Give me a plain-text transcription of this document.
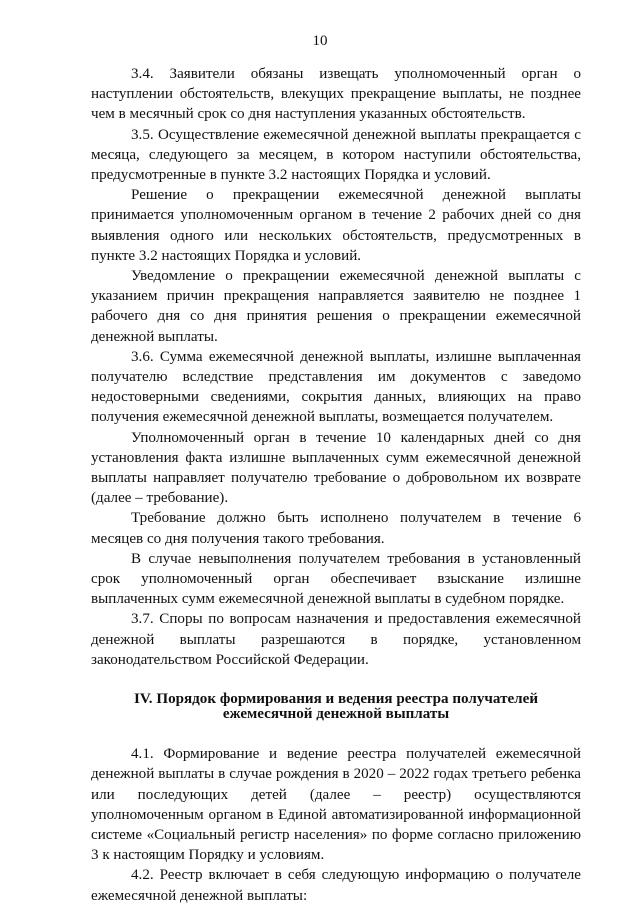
10

3.4. Заявители обязаны извещать уполномоченный орган о наступлении обстоятельств, влекущих прекращение выплаты, не позднее чем в месячный срок со дня наступления указанных обстоятельств.

3.5. Осуществление ежемесячной денежной выплаты прекращается с месяца, следующего за месяцем, в котором наступили обстоятельства, предусмотренные в пункте 3.2 настоящих Порядка и условий.

Решение о прекращении ежемесячной денежной выплаты принимается уполномоченным органом в течение 2 рабочих дней со дня выявления одного или нескольких обстоятельств, предусмотренных в пункте 3.2 настоящих Порядка и условий.

Уведомление о прекращении ежемесячной денежной выплаты с указанием причин прекращения направляется заявителю не позднее 1 рабочего дня со дня принятия решения о прекращении ежемесячной денежной выплаты.

3.6. Сумма ежемесячной денежной выплаты, излишне выплаченная получателю вследствие представления им документов с заведомо недостоверными сведениями, сокрытия данных, влияющих на право получения ежемесячной денежной выплаты, возмещается получателем.

Уполномоченный орган в течение 10 календарных дней со дня установления факта излишне выплаченных сумм ежемесячной денежной выплаты направляет получателю требование о добровольном их возврате (далее – требование).

Требование должно быть исполнено получателем в течение 6 месяцев со дня получения такого требования.

В случае невыполнения получателем требования в установленный срок уполномоченный орган обеспечивает взыскание излишне выплаченных сумм ежемесячной денежной выплаты в судебном порядке.

3.7. Споры по вопросам назначения и предоставления ежемесячной денежной выплаты разрешаются в порядке, установленном законодательством Российской Федерации.

IV. Порядок формирования и ведения реестра получателей
ежемесячной денежной выплаты

4.1. Формирование и ведение реестра получателей ежемесячной денежной выплаты в случае рождения в 2020 – 2022 годах третьего ребенка или последующих детей (далее – реестр) осуществляются уполномоченным органом в Единой автоматизированной информационной системе «Социальный регистр населения» по форме согласно приложению 3 к настоящим Порядку и условиям.

4.2. Реестр включает в себя следующую информацию о получателе ежемесячной денежной выплаты:
